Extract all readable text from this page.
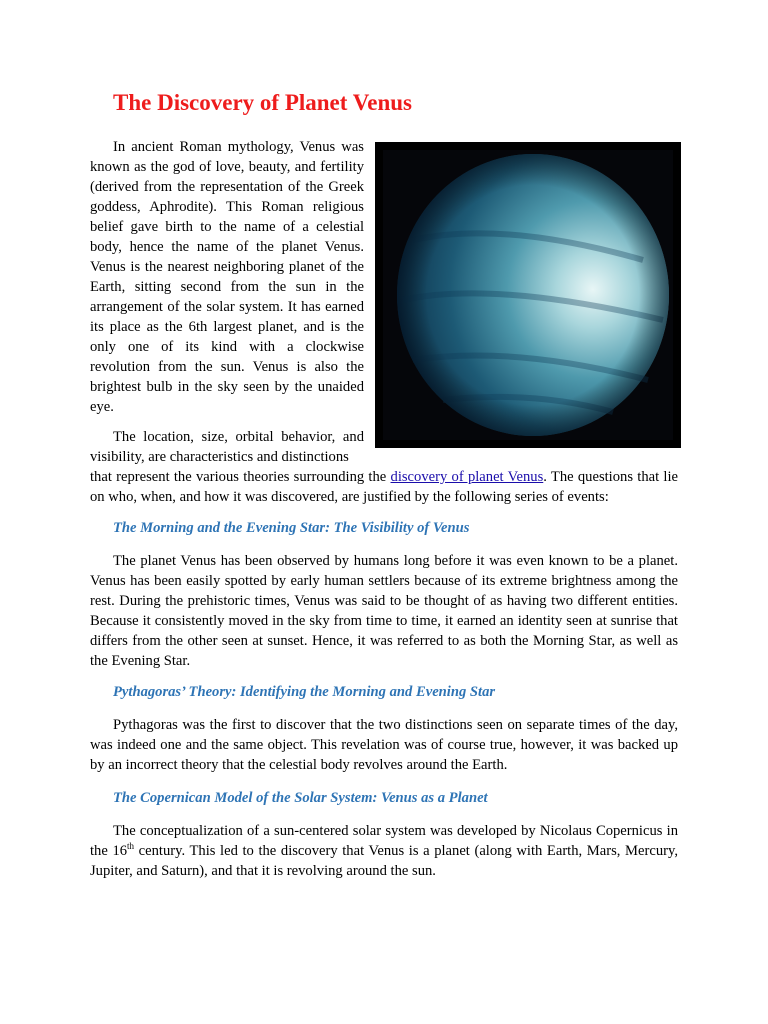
The Discovery of Planet Venus

In ancient Roman mythology, Venus was known as the god of love, beauty, and fertility (derived from the representation of the Greek goddess, Aphrodite). This Roman religious belief gave birth to the name of a celestial body, hence the name of the planet Venus. Venus is the nearest neighboring planet of the Earth, sitting second from the sun in the arrangement of the solar system. It has earned its place as the 6th largest planet, and is the only one of its kind with a clockwise revolution from the sun. Venus is also the brightest bulb in the sky seen by the unaided eye.

The location, size, orbital behavior, and visibility, are characteristics and distinctions

that represent the various theories surrounding the discovery of planet Venus. The questions that lie on who, when, and how it was discovered, are justified by the following series of events:

The Morning and the Evening Star: The Visibility of Venus

The planet Venus has been observed by humans long before it was even known to be a planet. Venus has been easily spotted by early human settlers because of its extreme brightness among the rest. During the prehistoric times, Venus was said to be thought of as having two different entities. Because it consistently moved in the sky from time to time, it earned an identity seen at sunrise that differs from the other seen at sunset. Hence, it was referred to as both the Morning Star, as well as the Evening Star.

Pythagoras’ Theory: Identifying the Morning and Evening Star

Pythagoras was the first to discover that the two distinctions seen on separate times of the day, was indeed one and the same object. This revelation was of course true, however, it was backed up by an incorrect theory that the celestial body revolves around the Earth.

The Copernican Model of the Solar System: Venus as a Planet

The conceptualization of a sun-centered solar system was developed by Nicolaus Copernicus in the 16th century. This led to the discovery that Venus is a planet (along with Earth, Mars, Mercury, Jupiter, and Saturn), and that it is revolving around the sun.
